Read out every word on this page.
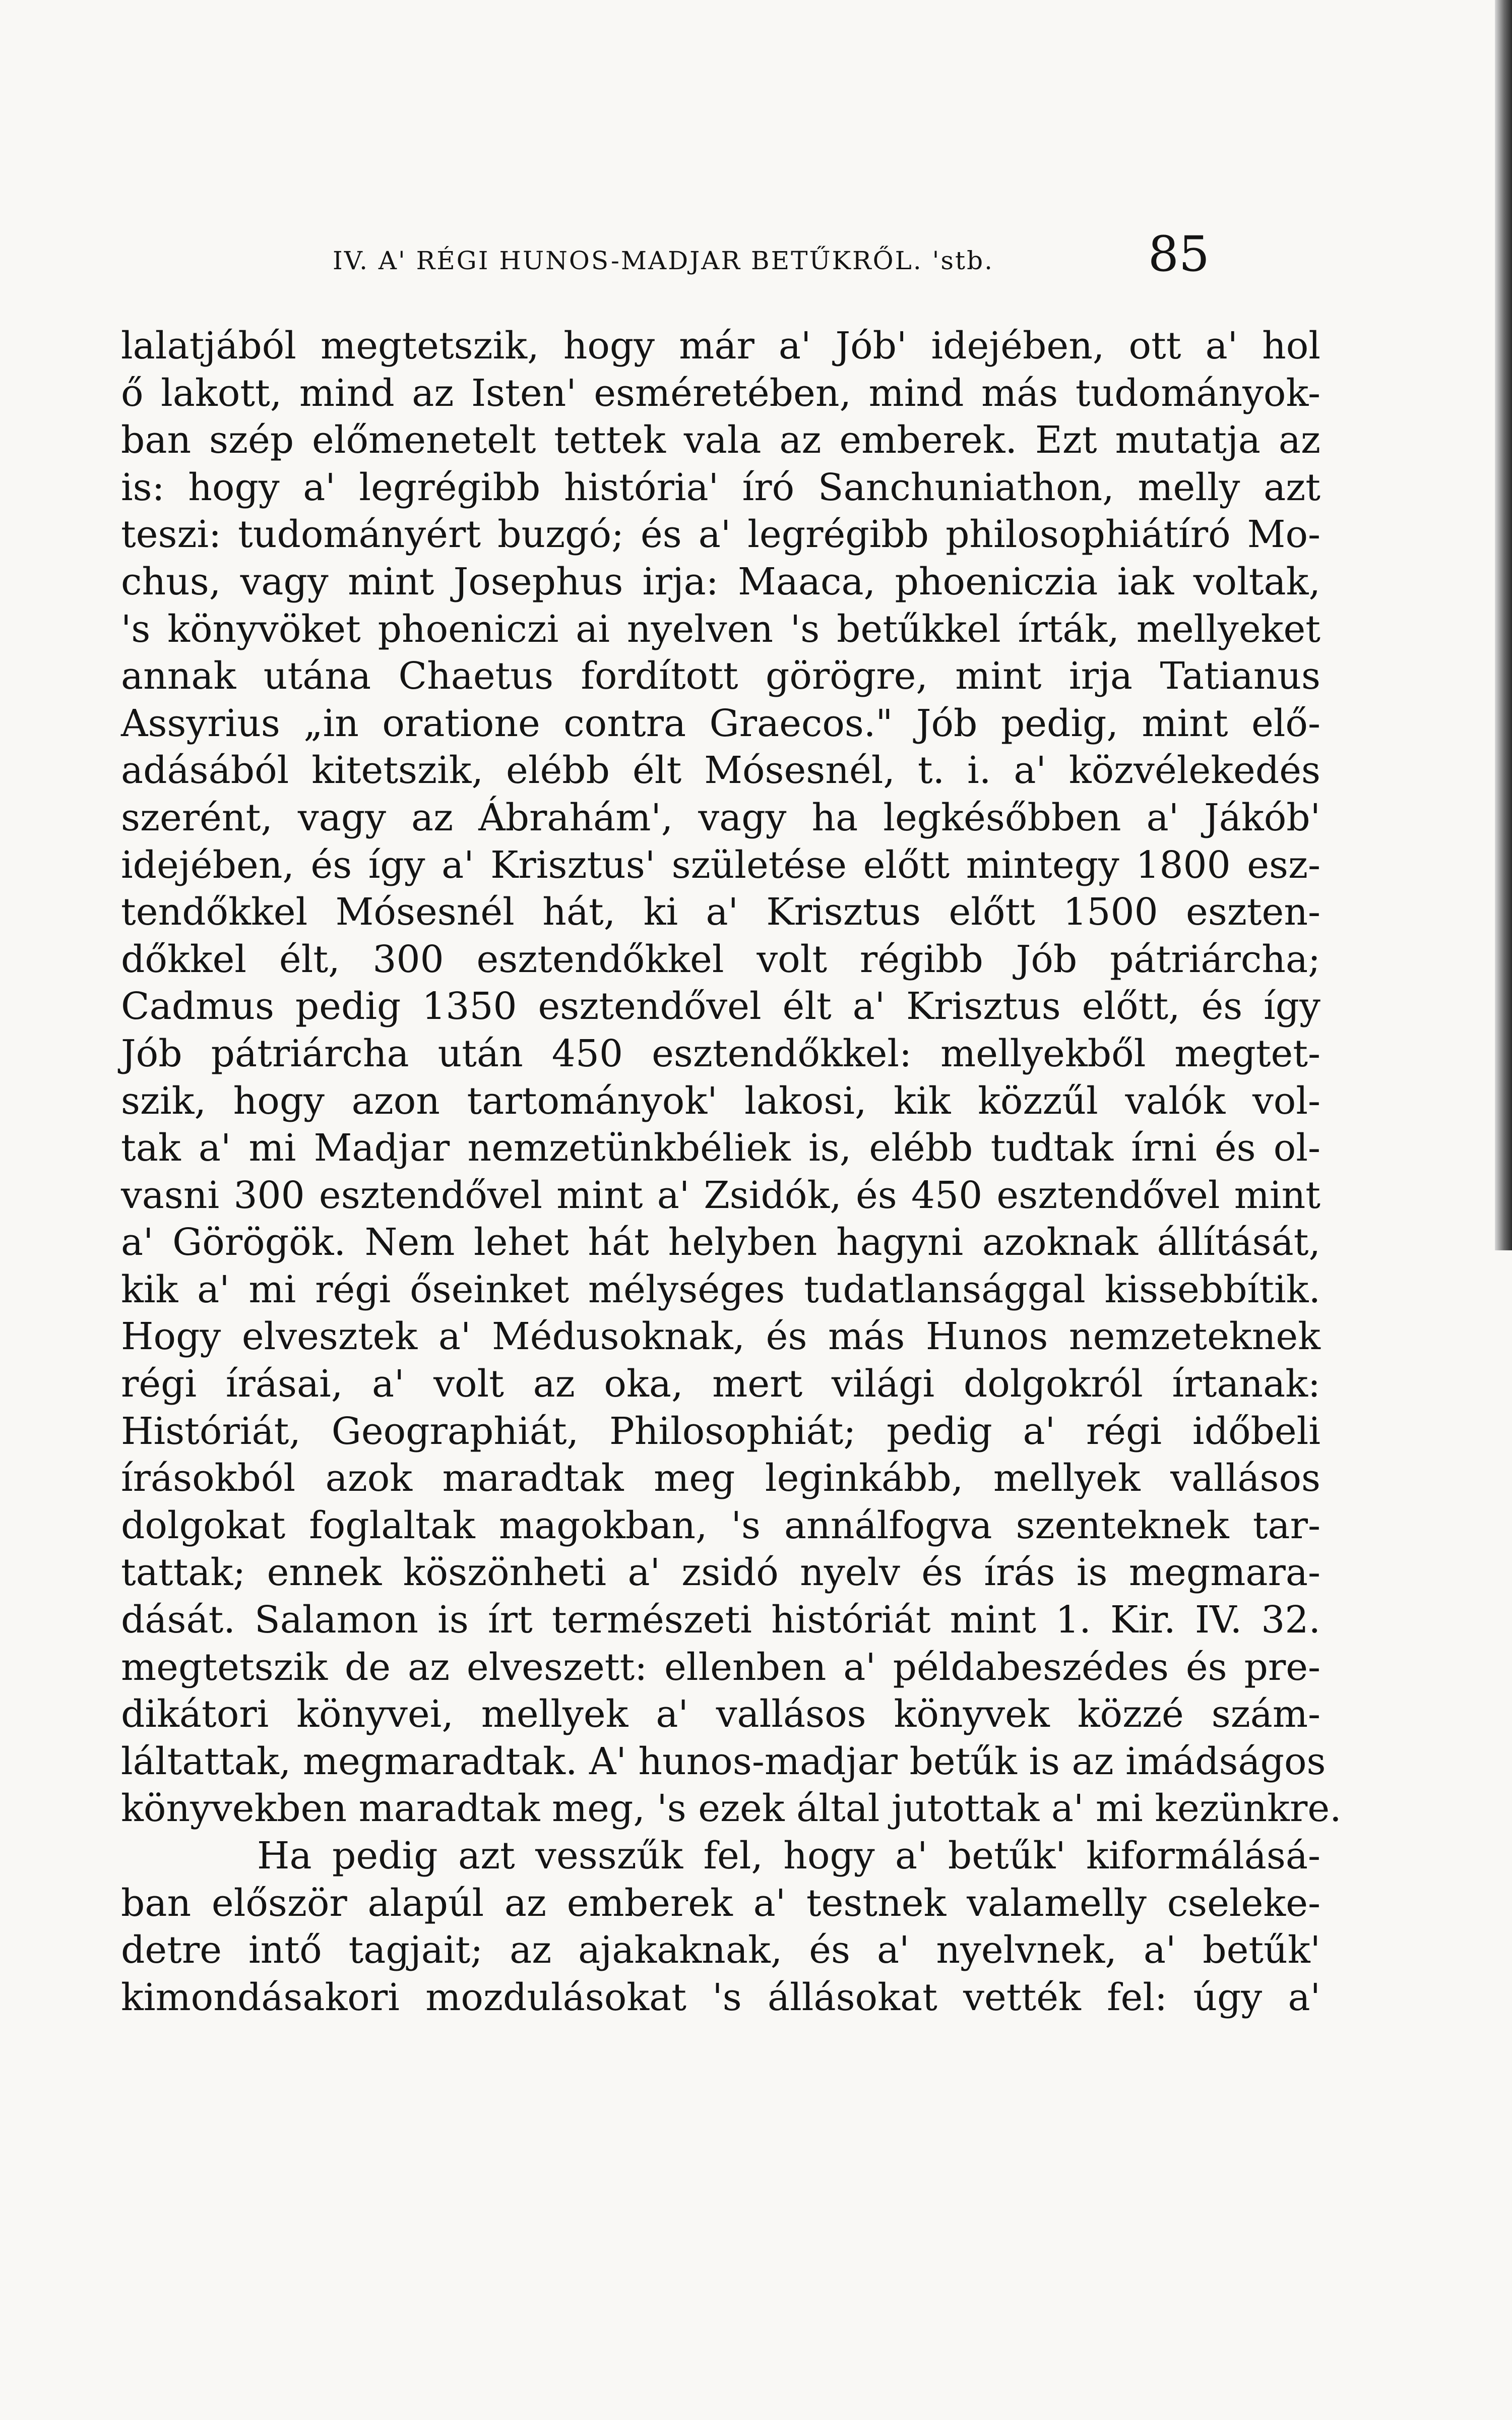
IV. A' RÉGI HUNOS-MADJAR BETŰKRŐL. 'stb.	85
lalatjából megtetszik, hogy már a' Jób' idejében, ott a' hol
ő lakott, mind az Isten' esméretében, mind más tudományok-
ban szép előmenetelt tettek vala az emberek. Ezt mutatja az
is: hogy a' legrégibb história' író Sanchuniathon, melly azt
teszi: tudományért buzgó; és a' legrégibb philosophiátíró Mo-
chus, vagy mint Josephus irja: Maaca, phoeniczia iak voltak,
's könyvöket phoeniczi ai nyelven 's betűkkel írták, mellyeket
annak utána Chaetus fordított görögre, mint irja Tatianus
Assyrius „in oratione contra Graecos." Jób pedig, mint elő-
adásából kitetszik, elébb élt Mósesnél, t. i. a' közvélekedés
szerént, vagy az Ábrahám', vagy ha legkésőbben a' Jákób'
idejében, és így a' Krisztus' születése előtt mintegy 1800 esz-
tendőkkel Mósesnél hát, ki a' Krisztus előtt 1500 eszten-
dőkkel élt, 300 esztendőkkel volt régibb Jób pátriárcha;
Cadmus pedig 1350 esztendővel élt a' Krisztus előtt, és így
Jób pátriárcha után 450 esztendőkkel: mellyekből megtet-
szik, hogy azon tartományok' lakosi, kik közzűl valók vol-
tak a' mi Madjar nemzetünkbéliek is, elébb tudtak írni és ol-
vasni 300 esztendővel mint a' Zsidók, és 450 esztendővel mint
a' Görögök. Nem lehet hát helyben hagyni azoknak állítását,
kik a' mi régi őseinket mélységes tudatlansággal kissebbítik.
Hogy elvesztek a' Médusoknak, és más Hunos nemzeteknek
régi írásai, a' volt az oka, mert világi dolgokról írtanak:
Históriát, Geographiát, Philosophiát; pedig a' régi időbeli
írásokból azok maradtak meg leginkább, mellyek vallásos
dolgokat foglaltak magokban, 's annálfogva szenteknek tar-
tattak; ennek köszönheti a' zsidó nyelv és írás is megmara-
dását. Salamon is írt természeti históriát mint 1. Kir. IV. 32.
megtetszik de az elveszett: ellenben a' példabeszédes és pre-
dikátori könyvei, mellyek a' vallásos könyvek közzé szám-
láltattak, megmaradtak. A' hunos-madjar betűk is az imádságos
könyvekben maradtak meg, 's ezek által jutottak a' mi kezünkre.
Ha pedig azt vesszűk fel, hogy a' betűk' kiformálásá-
ban először alapúl az emberek a' testnek valamelly cseleke-
detre intő tagjait; az ajakaknak, és a' nyelvnek, a' betűk'
kimondásakori mozdulásokat 's állásokat vették fel: úgy a'
